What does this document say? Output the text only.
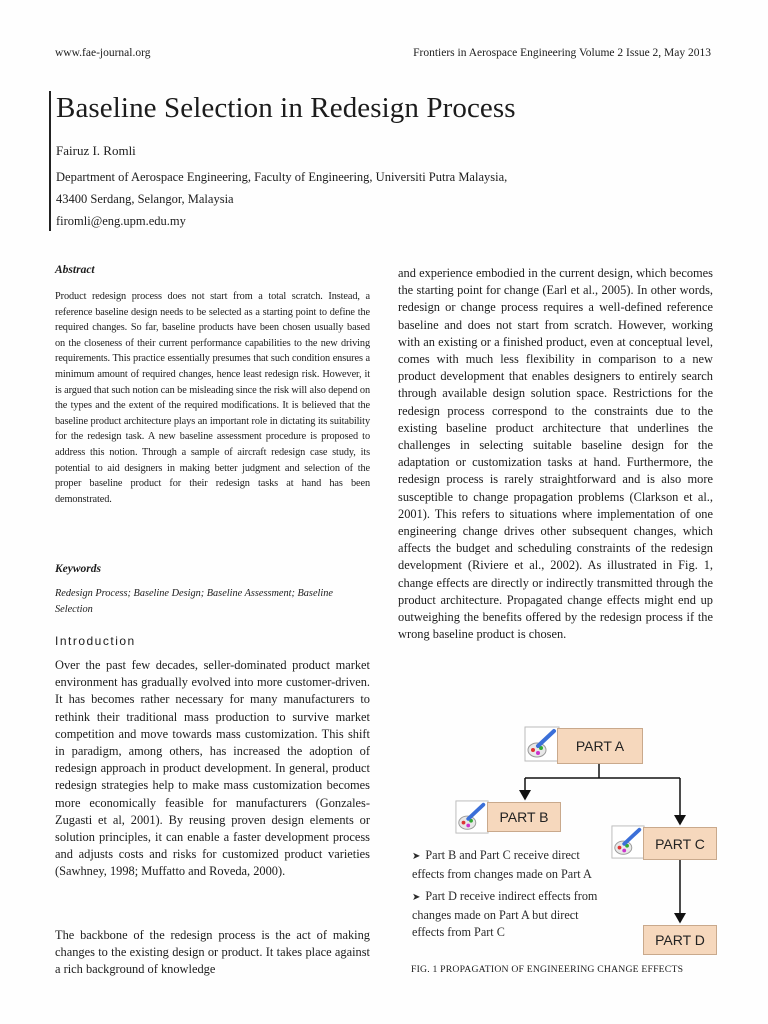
www.fae-journal.org	Frontiers in Aerospace Engineering Volume 2 Issue 2, May 2013
Baseline Selection in Redesign Process
Fairuz I. Romli
Department of Aerospace Engineering, Faculty of Engineering, Universiti Putra Malaysia,
43400 Serdang, Selangor, Malaysia
firomli@eng.upm.edu.my
Abstract
Product redesign process does not start from a total scratch. Instead, a reference baseline design needs to be selected as a starting point to define the required changes. So far, baseline products have been chosen usually based on the closeness of their current performance capabilities to the new driving requirements. This practice essentially presumes that such condition ensures a minimum amount of required changes, hence least redesign risk. However, it is argued that such notion can be misleading since the risk will also depend on the types and the extent of the required modifications. It is believed that the baseline product architecture plays an important role in dictating its suitability for the redesign task. A new baseline assessment procedure is proposed to address this notion. Through a sample of aircraft redesign case study, its potential to aid designers in making better judgment and selection of the proper baseline product for their redesign tasks at hand has been demonstrated.
Keywords
Redesign Process; Baseline Design; Baseline Assessment; Baseline Selection
Introduction
Over the past few decades, seller-dominated product market environment has gradually evolved into more customer-driven. It has becomes rather necessary for many manufacturers to rethink their traditional mass production to survive market competition and move towards mass customization. This shift in paradigm, among others, has increased the adoption of redesign approach in product development. In general, product redesign strategies help to make mass customization becomes more economically feasible for manufacturers (Gonzales-Zugasti et al, 2001). By reusing proven design elements or solution principles, it can enable a faster development process and adjusts costs and risks for customized product varieties (Sawhney, 1998; Muffatto and Roveda, 2000).
The backbone of the redesign process is the act of making changes to the existing design or product. It takes place against a rich background of knowledge
and experience embodied in the current design, which becomes the starting point for change (Earl et al., 2005). In other words, redesign or change process requires a well-defined reference baseline and does not start from scratch. However, working with an existing or a finished product, even at conceptual level, comes with much less flexibility in comparison to a new product development that enables designers to entirely search through available design solution space. Restrictions for the redesign process correspond to the constraints due to the existing baseline product architecture that underlines the challenges in selecting suitable baseline design for the adaptation or customization tasks at hand. Furthermore, the redesign process is rarely straightforward and is also more susceptible to change propagation problems (Clarkson et al., 2001). This refers to situations where implementation of one engineering change drives other subsequent changes, which affects the budget and scheduling constraints of the redesign development (Riviere et al., 2002). As illustrated in Fig. 1, change effects are directly or indirectly transmitted through the product architecture. Propagated change effects might end up outweighing the benefits offered by the redesign process if the wrong baseline product is chosen.
PART A
PART B
PART C
PART D
➤ Part B and Part C receive direct effects from changes made on Part A
➤ Part D receive indirect effects from changes made on Part A but direct effects from Part C
FIG. 1 PROPAGATION OF ENGINEERING CHANGE EFFECTS
